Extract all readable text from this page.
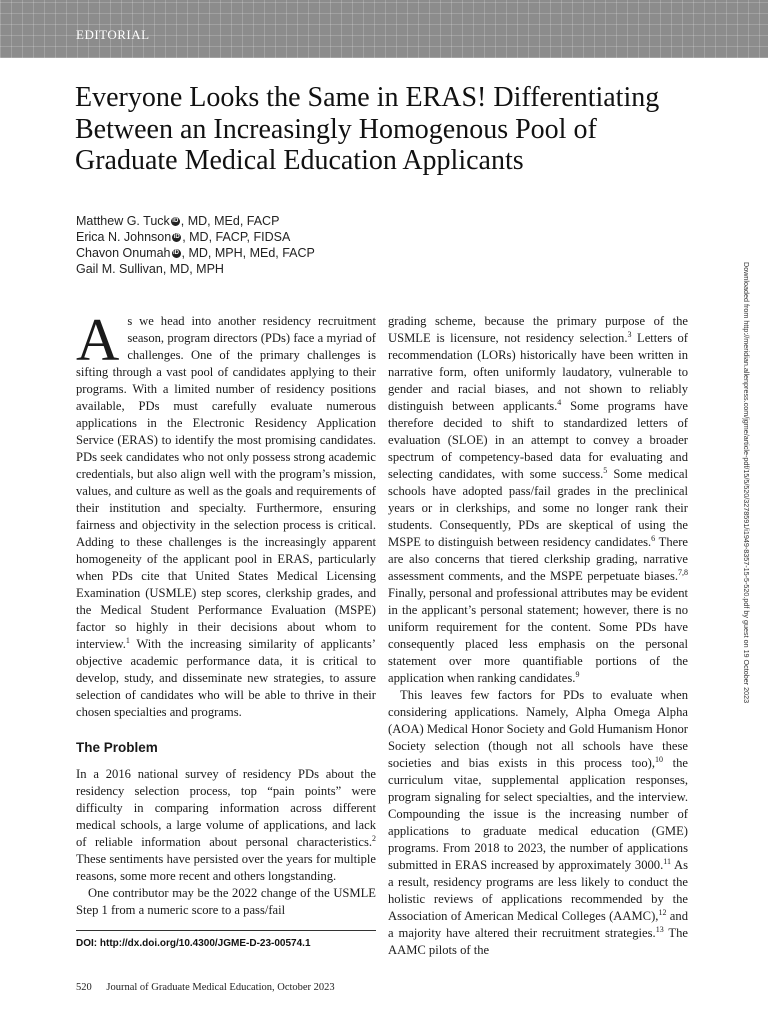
EDITORIAL
Everyone Looks the Same in ERAS! Differentiating Between an Increasingly Homogenous Pool of Graduate Medical Education Applicants
Matthew G. Tuck iD , MD, MEd, FACP
Erica N. Johnson iD , MD, FACP, FIDSA
Chavon Onumah iD , MD, MPH, MEd, FACP
Gail M. Sullivan, MD, MPH

As we head into another residency recruitment season, program directors (PDs) face a myriad of challenges. One of the primary challenges is sifting through a vast pool of candidates applying to their programs. With a limited number of residency positions available, PDs must carefully evaluate numerous applications in the Electronic Residency Application Service (ERAS) to identify the most promising candidates. PDs seek candidates who not only possess strong academic credentials, but also align well with the program’s mission, values, and culture as well as the goals and requirements of their institution and specialty. Furthermore, ensuring fairness and objectivity in the selection process is critical. Adding to these challenges is the increasingly apparent homogeneity of the applicant pool in ERAS, particularly when PDs cite that United States Medical Licensing Examination (USMLE) step scores, clerkship grades, and the Medical Student Performance Evaluation (MSPE) factor so highly in their decisions about whom to interview.$^1$ With the increasing similarity of applicants’ objective academic performance data, it is critical to develop, study, and disseminate new strategies, to assure selection of candidates who will be able to thrive in their chosen specialties and programs.

The Problem

In a 2016 national survey of residency PDs about the residency selection process, top “pain points” were difficulty in comparing information across different medical schools, a large volume of applications, and lack of reliable information about personal characteristics.$^2$ These sentiments have persisted over the years for multiple reasons, some more recent and others longstanding.

One contributor may be the 2022 change of the USMLE Step 1 from a numeric score to a pass/fail

DOI: http://dx.doi.org/10.4300/JGME-D-23-00574.1

grading scheme, because the primary purpose of the USMLE is licensure, not residency selection.$^3$ Letters of recommendation (LORs) historically have been written in narrative form, often uniformly laudatory, vulnerable to gender and racial biases, and not shown to reliably distinguish between applicants.$^4$ Some programs have therefore decided to shift to standardized letters of evaluation (SLOE) in an attempt to convey a broader spectrum of competency-based data for evaluating and selecting candidates, with some success.$^5$ Some medical schools have adopted pass/fail grades in the preclinical years or in clerkships, and some no longer rank their students. Consequently, PDs are skeptical of using the MSPE to distinguish between residency candidates.$^6$ There are also concerns that tiered clerkship grading, narrative assessment comments, and the MSPE perpetuate biases.$^{7,8}$ Finally, personal and professional attributes may be evident in the applicant’s personal statement; however, there is no uniform requirement for the content. Some PDs have consequently placed less emphasis on the personal statement over more quantifiable portions of the application when ranking candidates.$^9$

This leaves few factors for PDs to evaluate when considering applications. Namely, Alpha Omega Alpha (AOA) Medical Honor Society and Gold Humanism Honor Society selection (though not all schools have these societies and bias exists in this process too),$^{10}$ the curriculum vitae, supplemental application responses, program signaling for select specialties, and the interview. Compounding the issue is the increasing number of applications to graduate medical education (GME) programs. From 2018 to 2023, the number of applications submitted in ERAS increased by approximately 3000.11 As a result, residency programs are less likely to conduct the holistic reviews of applications recommended by the Association of American Medical Colleges (AAMC),$^{12}$ and a majority have altered their recruitment strategies.$^{13}$ The AAMC pilots of the

520 Journal of Graduate Medical Education, October 2023
Downloaded from http://meridian.allenpress.com/jgme/article-pdf/15/5/520/3278591/i1949-8357-15-5-520.pdf by guest on 19 October 2023
